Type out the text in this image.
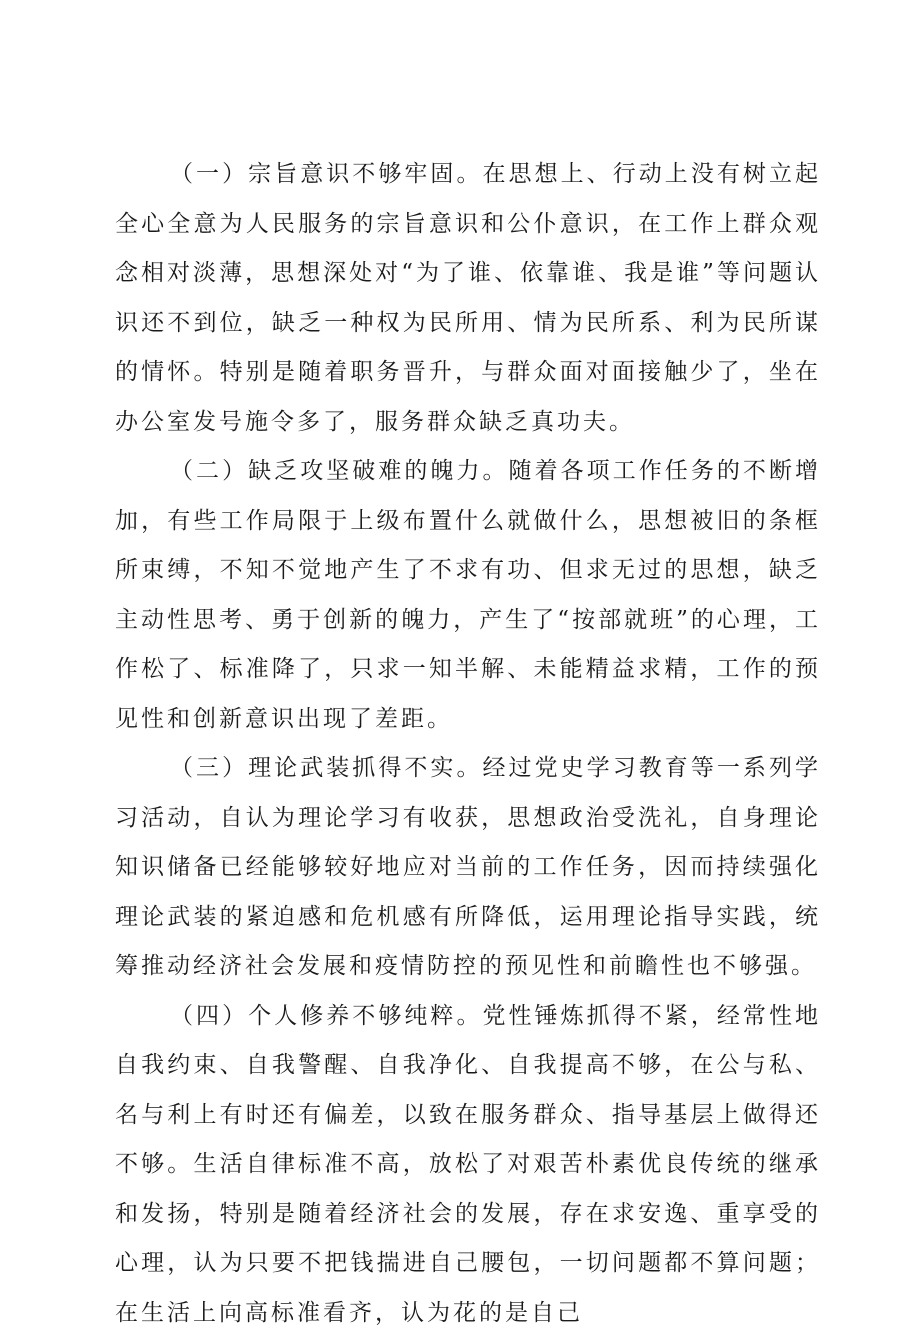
（一）宗旨意识不够牢固。在思想上、行动上没有树立起全心全意为人民服务的宗旨意识和公仆意识，在工作上群众观念相对淡薄，思想深处对“为了谁、依靠谁、我是谁”等问题认识还不到位，缺乏一种权为民所用、情为民所系、利为民所谋的情怀。特别是随着职务晋升，与群众面对面接触少了，坐在办公室发号施令多了，服务群众缺乏真功夫。

（二）缺乏攻坚破难的魄力。随着各项工作任务的不断增加，有些工作局限于上级布置什么就做什么，思想被旧的条框所束缚，不知不觉地产生了不求有功、但求无过的思想，缺乏主动性思考、勇于创新的魄力，产生了“按部就班”的心理，工作松了、标准降了，只求一知半解、未能精益求精，工作的预见性和创新意识出现了差距。

（三）理论武装抓得不实。经过党史学习教育等一系列学习活动，自认为理论学习有收获，思想政治受洗礼，自身理论知识储备已经能够较好地应对当前的工作任务，因而持续强化理论武装的紧迫感和危机感有所降低，运用理论指导实践，统筹推动经济社会发展和疫情防控的预见性和前瞻性也不够强。

（四）个人修养不够纯粹。党性锤炼抓得不紧，经常性地自我约束、自我警醒、自我净化、自我提高不够，在公与私、名与利上有时还有偏差，以致在服务群众、指导基层上做得还不够。生活自律标准不高，放松了对艰苦朴素优良传统的继承和发扬，特别是随着经济社会的发展，存在求安逸、重享受的心理，认为只要不把钱揣进自己腰包，一切问题都不算问题；在生活上向高标准看齐，认为花的是自己
